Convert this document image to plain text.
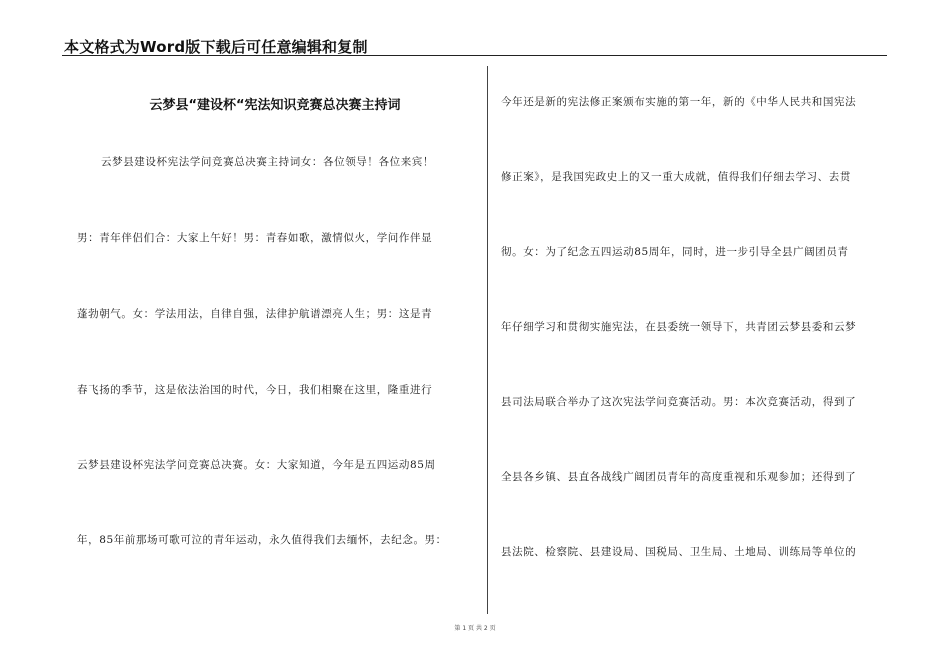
本文格式为Word版下载后可任意编辑和复制
云梦县“建设杯“宪法知识竞赛总决赛主持词
云梦县建设杯宪法学问竞赛总决赛主持词女：各位领导！各位来宾！
男：青年伴侣们合：大家上午好！男：青春如歌，激情似火，学问作伴显
蓬勃朝气。女：学法用法，自律自强，法律护航谱漂亮人生；男：这是青
春飞扬的季节，这是依法治国的时代，今日，我们相聚在这里，隆重进行
云梦县建设杯宪法学问竞赛总决赛。女：大家知道，今年是五四运动85周
年，85年前那场可歌可泣的青年运动，永久值得我们去缅怀，去纪念。男：
今年还是新的宪法修正案颁布实施的第一年，新的《中华人民共和国宪法
修正案》，是我国宪政史上的又一重大成就，值得我们仔细去学习、去贯
彻。女：为了纪念五四运动85周年，同时，进一步引导全县广阔团员青
年仔细学习和贯彻实施宪法，在县委统一领导下，共青团云梦县委和云梦
县司法局联合举办了这次宪法学问竞赛活动。男：本次竞赛活动，得到了
全县各乡镇、县直各战线广阔团员青年的高度重视和乐观参加；还得到了
县法院、检察院、县建设局、国税局、卫生局、土地局、训练局等单位的
第 1 页 共 2 页
